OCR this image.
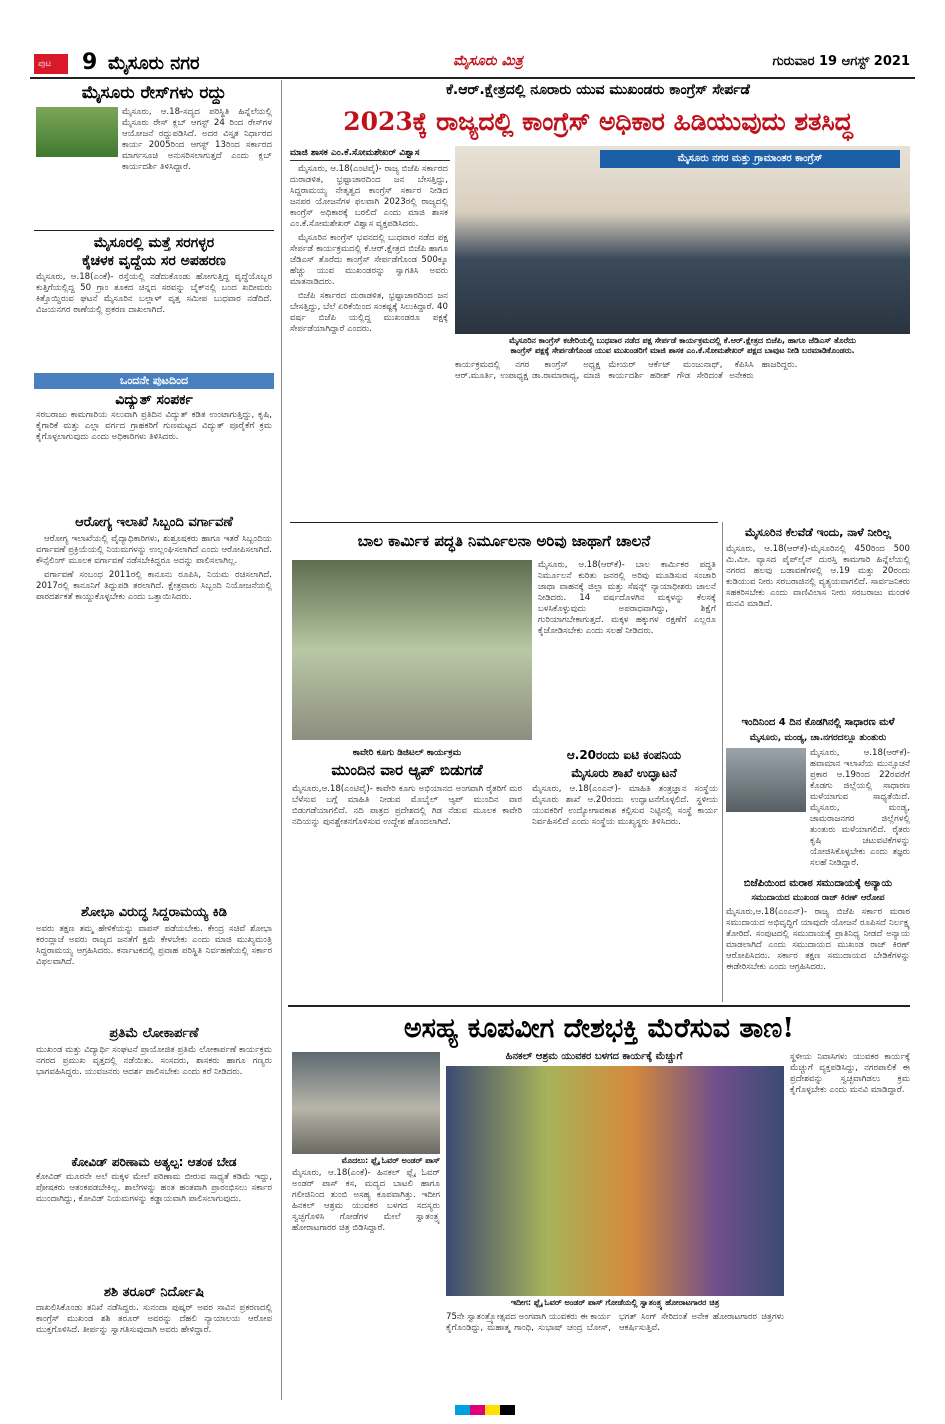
ಪುಟ	9 ಮೈಸೂರು ನಗರ	ಮೈಸೂರು ಮಿತ್ರ	ಗುರುವಾರ 19 ಆಗಸ್ಟ್ 2021
ಮೈಸೂರು ರೇಸ್‌ಗಳು ರದ್ದು
ಮೈಸೂರು, ಆ.18-ಸದ್ಯದ ಪರಿಸ್ಥಿತಿ ಹಿನ್ನೆಲೆಯಲ್ಲಿ ಮೈಸೂರು ರೇಸ್ ಕ್ಲಬ್ ಆಗಸ್ಟ್ 24 ರಿಂದ ರೇಸ್‌ಗಳ ಆಯೋಜನೆ ರದ್ದುಪಡಿಸಿದೆ. ಅದರ ವಿಸ್ತೃತ ನಿರ್ಧಾರದ ಕಾರ್ಯ 2005ರಿಂದ ಆಗಸ್ಟ್ 13ರಿಂದ ಸರ್ಕಾರದ ಮಾರ್ಗಸೂಚಿ ಅನುಸರಿಸಲಾಗುತ್ತದೆ ಎಂದು ಕ್ಲಬ್ ಕಾರ್ಯದರ್ಶಿ ತಿಳಿಸಿದ್ದಾರೆ.
ಮೈಸೂರಲ್ಲಿ ಮತ್ತೆ ಸರಗಳ್ಳರ
ಕೈಚಳಕ ವೃದ್ಧೆಯ ಸರ ಅಪಹರಣ
ಮೈಸೂರು, ಆ.18(ಎಂಕೆ)- ರಸ್ತೆಯಲ್ಲಿ ನಡೆದುಕೊಂಡು ಹೋಗುತ್ತಿದ್ದ ವೃದ್ಧೆಯೊಬ್ಬರ ಕುತ್ತಿಗೆಯಲ್ಲಿದ್ದ 50 ಗ್ರಾಂ ತೂಕದ ಚಿನ್ನದ ಸರವನ್ನು ಬೈಕ್‌ನಲ್ಲಿ ಬಂದ ಖದೀಮರು ಕಿತ್ತೊಯ್ದಿರುವ ಘಟನೆ ಮೈಸೂರಿನ ಬಲ್ಲಾಳ್ ವೃತ್ತ ಸಮೀಪ ಬುಧವಾರ ನಡೆದಿದೆ. ವಿಜಯನಗರ ಠಾಣೆಯಲ್ಲಿ ಪ್ರಕರಣ ದಾಖಲಾಗಿದೆ.
ಒಂದನೇ ಪುಟದಿಂದ
ವಿದ್ಯುತ್ ಸಂಪರ್ಕ
ಸರಬರಾಜು ಕಾಮಗಾರಿಯ ಸಲುವಾಗಿ ಪ್ರತಿದಿನ ವಿದ್ಯುತ್ ಕಡಿತ ಉಂಟಾಗುತ್ತಿದ್ದು, ಕೃಷಿ, ಕೈಗಾರಿಕೆ ಮತ್ತು ಎಲ್ಲಾ ವರ್ಗದ ಗ್ರಾಹಕರಿಗೆ ಗುಣಮಟ್ಟದ ವಿದ್ಯುತ್ ಪೂರೈಕೆಗೆ ಕ್ರಮ ಕೈಗೊಳ್ಳಲಾಗುವುದು ಎಂದು ಅಧಿಕಾರಿಗಳು ತಿಳಿಸಿದರು.
ಆರೋಗ್ಯ ಇಲಾಖೆ ಸಿಬ್ಬಂದಿ ವರ್ಗಾವಣೆ

ಆರೋಗ್ಯ ಇಲಾಖೆಯಲ್ಲಿ ವೈದ್ಯಾಧಿಕಾರಿಗಳು, ಶುಶ್ರೂಷಕರು ಹಾಗೂ ಇತರೆ ಸಿಬ್ಬಂದಿಯ ವರ್ಗಾವಣೆ ಪ್ರಕ್ರಿಯೆಯಲ್ಲಿ ನಿಯಮಗಳನ್ನು ಉಲ್ಲಂಘಿಸಲಾಗಿದೆ ಎಂದು ಆರೋಪಿಸಲಾಗಿದೆ. ಕೌನ್ಸೆಲಿಂಗ್ ಮೂಲಕ ವರ್ಗಾವಣೆ ನಡೆಸಬೇಕಿದ್ದರೂ ಅದನ್ನು ಪಾಲಿಸಲಾಗಿಲ್ಲ.

ವರ್ಗಾವಣೆ ಸಂಬಂಧ 2011ರಲ್ಲಿ ಕಾನೂನು ರೂಪಿಸಿ, ನಿಯಮ ರಚಿಸಲಾಗಿದೆ. 2017ರಲ್ಲಿ ಕಾನೂನಿಗೆ ತಿದ್ದುಪಡಿ ತರಲಾಗಿದೆ. ಕ್ಷೇತ್ರವಾರು ಸಿಬ್ಬಂದಿ ನಿಯೋಜನೆಯಲ್ಲಿ ಪಾರದರ್ಶಕತೆ ಕಾಯ್ದುಕೊಳ್ಳಬೇಕು ಎಂದು ಒತ್ತಾಯಿಸಿದರು.

ಶೋಭಾ ವಿರುದ್ಧ ಸಿದ್ದರಾಮಯ್ಯ ಕಿಡಿ
ಅವರು ತಕ್ಷಣ ತಮ್ಮ ಹೇಳಿಕೆಯನ್ನು ವಾಪಸ್ ಪಡೆಯಬೇಕು. ಕೇಂದ್ರ ಸಚಿವೆ ಶೋಭಾ ಕರಂದ್ಲಾಜೆ ಅವರು ರಾಜ್ಯದ ಜನತೆಗೆ ಕ್ಷಮೆ ಕೇಳಬೇಕು ಎಂದು ಮಾಜಿ ಮುಖ್ಯಮಂತ್ರಿ ಸಿದ್ದರಾಮಯ್ಯ ಆಗ್ರಹಿಸಿದರು. ಕರ್ನಾಟಕದಲ್ಲಿ ಪ್ರವಾಹ ಪರಿಸ್ಥಿತಿ ನಿರ್ವಹಣೆಯಲ್ಲಿ ಸರ್ಕಾರ ವಿಫಲವಾಗಿದೆ.
ಪ್ರತಿಮೆ ಲೋಕಾರ್ಪಣೆ
ಮುಖಂಡ ಮತ್ತು ವಿದ್ಯಾರ್ಥಿ ಸಂಘಟನೆ ಪ್ರಾಯೋಜಿತ ಪ್ರತಿಮೆ ಲೋಕಾರ್ಪಣೆ ಕಾರ್ಯಕ್ರಮ ನಗರದ ಪ್ರಮುಖ ವೃತ್ತದಲ್ಲಿ ನಡೆಯಿತು. ಸಂಸದರು, ಶಾಸಕರು ಹಾಗೂ ಗಣ್ಯರು ಭಾಗವಹಿಸಿದ್ದರು. ಯುವಜನರು ಆದರ್ಶ ಪಾಲಿಸಬೇಕು ಎಂದು ಕರೆ ನೀಡಿದರು.
ಕೋವಿಡ್ ಪರಿಣಾಮ ಅತ್ಯಲ್ಪ: ಆತಂಕ ಬೇಡ
ಕೋವಿಡ್ ಮೂರನೇ ಅಲೆ ಮಕ್ಕಳ ಮೇಲೆ ಪರಿಣಾಮ ಬೀರುವ ಸಾಧ್ಯತೆ ಕಡಿಮೆ ಇದ್ದು, ಪೋಷಕರು ಆತಂಕಪಡಬೇಕಿಲ್ಲ. ಶಾಲೆಗಳನ್ನು ಹಂತ ಹಂತವಾಗಿ ಪ್ರಾರಂಭಿಸಲು ಸರ್ಕಾರ ಮುಂದಾಗಿದ್ದು, ಕೋವಿಡ್ ನಿಯಮಗಳನ್ನು ಕಡ್ಡಾಯವಾಗಿ ಪಾಲಿಸಲಾಗುವುದು.
ಶಶಿ ತರೂರ್ ನಿರ್ದೋಷಿ
ದಾಖಲಿಸಿಕೊಂಡು ತನಿಖೆ ನಡೆಸಿದ್ದರು. ಸುನಂದಾ ಪುಷ್ಕರ್ ಅವರ ಸಾವಿನ ಪ್ರಕರಣದಲ್ಲಿ ಕಾಂಗ್ರೆಸ್ ಮುಖಂಡ ಶಶಿ ತರೂರ್ ಅವರನ್ನು ದೆಹಲಿ ನ್ಯಾಯಾಲಯ ಆರೋಪ ಮುಕ್ತಗೊಳಿಸಿದೆ. ತೀರ್ಪನ್ನು ಸ್ವಾಗತಿಸುವುದಾಗಿ ಅವರು ಹೇಳಿದ್ದಾರೆ.
ಕೆ.ಆರ್.ಕ್ಷೇತ್ರದಲ್ಲಿ ನೂರಾರು ಯುವ ಮುಖಂಡರು ಕಾಂಗ್ರೆಸ್ ಸೇರ್ಪಡೆ
2023ಕ್ಕೆ ರಾಜ್ಯದಲ್ಲಿ ಕಾಂಗ್ರೆಸ್ ಅಧಿಕಾರ ಹಿಡಿಯುವುದು ಶತಸಿದ್ಧ
ಮಾಜಿ ಶಾಸಕ ಎಂ.ಕೆ.ಸೋಮಶೇಖರ್ ವಿಶ್ವಾಸ

ಮೈಸೂರು, ಆ.18(ಎಂಟಿವೈ)- ರಾಜ್ಯ ಬಿಜೆಪಿ ಸರ್ಕಾರದ ದುರಾಡಳಿತ, ಭ್ರಷ್ಟಾಚಾರದಿಂದ ಜನ ಬೇಸತ್ತಿದ್ದು, ಸಿದ್ದರಾಮಯ್ಯ ನೇತೃತ್ವದ ಕಾಂಗ್ರೆಸ್ ಸರ್ಕಾರ ನೀಡಿದ ಜನಪರ ಯೋಜನೆಗಳ ಫಲವಾಗಿ 2023ರಲ್ಲಿ ರಾಜ್ಯದಲ್ಲಿ ಕಾಂಗ್ರೆಸ್ ಅಧಿಕಾರಕ್ಕೆ ಬರಲಿದೆ ಎಂದು ಮಾಜಿ ಶಾಸಕ ಎಂ.ಕೆ.ಸೋಮಶೇಖರ್ ವಿಶ್ವಾಸ ವ್ಯಕ್ತಪಡಿಸಿದರು.

ಮೈಸೂರಿನ ಕಾಂಗ್ರೆಸ್ ಭವನದಲ್ಲಿ ಬುಧವಾರ ನಡೆದ ಪಕ್ಷ ಸೇರ್ಪಡೆ ಕಾರ್ಯಕ್ರಮದಲ್ಲಿ ಕೆ.ಆರ್.ಕ್ಷೇತ್ರದ ಬಿಜೆಪಿ ಹಾಗೂ ಜೆಡಿಎಸ್ ತೊರೆದು ಕಾಂಗ್ರೆಸ್ ಸೇರ್ಪಡೆಗೊಂಡ 500ಕ್ಕೂ ಹೆಚ್ಚು ಯುವ ಮುಖಂಡರನ್ನು ಸ್ವಾಗತಿಸಿ ಅವರು ಮಾತನಾಡಿದರು.

ಬಿಜೆಪಿ ಸರ್ಕಾರದ ದುರಾಡಳಿತ, ಭ್ರಷ್ಟಾಚಾರದಿಂದ ಜನ ಬೇಸತ್ತಿದ್ದು, ಬೆಲೆ ಏರಿಕೆಯಿಂದ ಸಂಕಷ್ಟಕ್ಕೆ ಸಿಲುಕಿದ್ದಾರೆ. 40 ವರ್ಷ ಬಿಜೆಪಿ ಯಲ್ಲಿದ್ದ ಮುಖಂಡರೂ ಪಕ್ಷಕ್ಕೆ ಸೇರ್ಪಡೆಯಾಗಿದ್ದಾರೆ ಎಂದರು.

ಮೈಸೂರು ನಗರ ಮತ್ತು ಗ್ರಾಮಾಂತರ ಕಾಂಗ್ರೆಸ್
ಮೈಸೂರಿನ ಕಾಂಗ್ರೆಸ್ ಕಚೇರಿಯಲ್ಲಿ ಬುಧವಾರ ನಡೆದ ಪಕ್ಷ ಸೇರ್ಪಡೆ ಕಾರ್ಯಕ್ರಮದಲ್ಲಿ ಕೆ.ಆರ್.ಕ್ಷೇತ್ರದ ಬಿಜೆಪಿ, ಹಾಗೂ ಜೆಡಿಎಸ್ ತೊರೆದು
ಕಾಂಗ್ರೆಸ್ ಪಕ್ಷಕ್ಕೆ ಸೇರ್ಪಡೆಗೊಂಡ ಯುವ ಮುಖಂಡರಿಗೆ ಮಾಜಿ ಶಾಸಕ ಎಂ.ಕೆ.ಸೋಮಶೇಖರ್ ಪಕ್ಷದ ಬಾವುಟ ನೀಡಿ ಬರಮಾಡಿಕೊಂಡರು.
ಕಾರ್ಯಕ್ರಮದಲ್ಲಿ ನಗರ ಕಾಂಗ್ರೆಸ್ ಅಧ್ಯಕ್ಷ ಆರ್.ಮೂರ್ತಿ, ಉಪಾಧ್ಯಕ್ಷ ಡಾ.ರಾಮಾರಾಧ್ಯ, ಮಾಜಿ ಮೇಯರ್ ಆರ್ಕೆಟ್ ಮಂಜುನಾಥ್, ಕೆಪಿಸಿಸಿ ಕಾರ್ಯದರ್ಶಿ ಹರೀಶ್ ಗೌಡ ಸೇರಿದಂತೆ ಅನೇಕರು ಹಾಜರಿದ್ದರು.
ಬಾಲ ಕಾರ್ಮಿಕ ಪದ್ಧತಿ ನಿರ್ಮೂಲನಾ ಅರಿವು ಜಾಥಾಗೆ ಚಾಲನೆ
ಮೈಸೂರು, ಆ.18(ಆರ್‌ಕೆ)- ಬಾಲ ಕಾರ್ಮಿಕರ ಪದ್ಧತಿ ನಿರ್ಮೂಲನೆ ಕುರಿತು ಜನರಲ್ಲಿ ಅರಿವು ಮೂಡಿಸುವ ಸಂಚಾರಿ ಜಾಥಾ ವಾಹನಕ್ಕೆ ಜಿಲ್ಲಾ ಮತ್ತು ಸೆಷನ್ಸ್ ನ್ಯಾಯಾಧೀಶರು ಚಾಲನೆ ನೀಡಿದರು. 14 ವರ್ಷದೊಳಗಿನ ಮಕ್ಕಳನ್ನು ಕೆಲಸಕ್ಕೆ ಬಳಸಿಕೊಳ್ಳುವುದು ಅಪರಾಧವಾಗಿದ್ದು, ಶಿಕ್ಷೆಗೆ ಗುರಿಯಾಗಬೇಕಾಗುತ್ತದೆ. ಮಕ್ಕಳ ಹಕ್ಕುಗಳ ರಕ್ಷಣೆಗೆ ಎಲ್ಲರೂ ಕೈಜೋಡಿಸಬೇಕು ಎಂದು ಸಲಹೆ ನೀಡಿದರು.
ಕಾವೇರಿ ಕೂಗು ಡಿಜಿಟಲ್ ಕಾರ್ಯಕ್ರಮ
ಮುಂದಿನ ವಾರ ಆ್ಯಪ್ ಬಿಡುಗಡೆ
ಮೈಸೂರು,ಆ.18(ಎಂಟಿವೈ)- ಕಾವೇರಿ ಕೂಗು ಅಭಿಯಾನದ ಅಂಗವಾಗಿ ರೈತರಿಗೆ ಮರ ಬೆಳೆಸುವ ಬಗ್ಗೆ ಮಾಹಿತಿ ನೀಡುವ ಮೊಬೈಲ್ ಆ್ಯಪ್ ಮುಂದಿನ ವಾರ ಬಿಡುಗಡೆಯಾಗಲಿದೆ. ನದಿ ಪಾತ್ರದ ಪ್ರದೇಶದಲ್ಲಿ ಗಿಡ ನೆಡುವ ಮೂಲಕ ಕಾವೇರಿ ನದಿಯನ್ನು ಪುನಶ್ಚೇತನಗೊಳಿಸುವ ಉದ್ದೇಶ ಹೊಂದಲಾಗಿದೆ.
ಆ.20ರಂದು ಐಟಿ ಕಂಪನಿಯ
ಮೈಸೂರು ಶಾಖೆ ಉದ್ಘಾಟನೆ
ಮೈಸೂರು, ಆ.18(ಎಂಎನ್)- ಮಾಹಿತಿ ತಂತ್ರಜ್ಞಾನ ಸಂಸ್ಥೆಯ ಮೈಸೂರು ಶಾಖೆ ಆ.20ರಂದು ಉದ್ಘಾಟನೆಗೊಳ್ಳಲಿದೆ. ಸ್ಥಳೀಯ ಯುವಕರಿಗೆ ಉದ್ಯೋಗಾವಕಾಶ ಕಲ್ಪಿಸುವ ನಿಟ್ಟಿನಲ್ಲಿ ಸಂಸ್ಥೆ ಕಾರ್ಯ ನಿರ್ವಹಿಸಲಿದೆ ಎಂದು ಸಂಸ್ಥೆಯ ಮುಖ್ಯಸ್ಥರು ತಿಳಿಸಿದರು.
ಮೈಸೂರಿನ ಕೆಲವೆಡೆ ಇಂದು, ನಾಳೆ ನೀರಿಲ್ಲ
ಮೈಸೂರು, ಆ.18(ಆರ್‌ಕೆ)-ಮೈಸೂರಿನಲ್ಲಿ 450ರಿಂದ 500 ಮಿ.ಮೀ. ವ್ಯಾಸದ ಪೈಪ್‌ಲೈನ್ ದುರಸ್ತಿ ಕಾಮಗಾರಿ ಹಿನ್ನೆಲೆಯಲ್ಲಿ ನಗರದ ಹಲವು ಬಡಾವಣೆಗಳಲ್ಲಿ ಆ.19 ಮತ್ತು 20ರಂದು ಕುಡಿಯುವ ನೀರು ಸರಬರಾಜಿನಲ್ಲಿ ವ್ಯತ್ಯಯವಾಗಲಿದೆ. ಸಾರ್ವಜನಿಕರು ಸಹಕರಿಸಬೇಕು ಎಂದು ವಾಣಿವಿಲಾಸ ನೀರು ಸರಬರಾಜು ಮಂಡಳಿ ಮನವಿ ಮಾಡಿದೆ.
ಇಂದಿನಿಂದ 4 ದಿನ ಕೊಡಗಿನಲ್ಲಿ ಸಾಧಾರಣ ಮಳೆ
ಮೈಸೂರು, ಮಂಡ್ಯ, ಚಾ.ನಗರದಲ್ಲೂ ತುಂತುರು
ಮೈಸೂರು, ಆ.18(ಆರ್‌ಕೆ)- ಹವಾಮಾನ ಇಲಾಖೆಯ ಮುನ್ಸೂಚನೆ ಪ್ರಕಾರ ಆ.19ರಿಂದ 22ರವರೆಗೆ ಕೊಡಗು ಜಿಲ್ಲೆಯಲ್ಲಿ ಸಾಧಾರಣ ಮಳೆಯಾಗುವ ಸಾಧ್ಯತೆಯಿದೆ. ಮೈಸೂರು, ಮಂಡ್ಯ, ಚಾಮರಾಜನಗರ ಜಿಲ್ಲೆಗಳಲ್ಲಿ ತುಂತುರು ಮಳೆಯಾಗಲಿದೆ. ರೈತರು ಕೃಷಿ ಚಟುವಟಿಕೆಗಳನ್ನು ಯೋಜಿಸಿಕೊಳ್ಳಬೇಕು ಎಂದು ತಜ್ಞರು ಸಲಹೆ ನೀಡಿದ್ದಾರೆ.
ಬಿಜೆಪಿಯಿಂದ ಮರಾಠ ಸಮುದಾಯಕ್ಕೆ ಅನ್ಯಾಯ
ಸಮುದಾಯದ ಮುಖಂಡ ರಾಜ್ ಕಿರಣ್ ಆರೋಪ
ಮೈಸೂರು,ಆ.18(ಎಂಎನ್)- ರಾಜ್ಯ ಬಿಜೆಪಿ ಸರ್ಕಾರ ಮರಾಠ ಸಮುದಾಯದ ಅಭಿವೃದ್ಧಿಗೆ ಯಾವುದೇ ಯೋಜನೆ ರೂಪಿಸದೆ ನಿರ್ಲಕ್ಷ್ಯ ತೋರಿದೆ. ಸಂಪುಟದಲ್ಲಿ ಸಮುದಾಯಕ್ಕೆ ಪ್ರಾತಿನಿಧ್ಯ ನೀಡದೆ ಅನ್ಯಾಯ ಮಾಡಲಾಗಿದೆ ಎಂದು ಸಮುದಾಯದ ಮುಖಂಡ ರಾಜ್ ಕಿರಣ್ ಆರೋಪಿಸಿದರು. ಸರ್ಕಾರ ತಕ್ಷಣ ಸಮುದಾಯದ ಬೇಡಿಕೆಗಳನ್ನು ಈಡೇರಿಸಬೇಕು ಎಂದು ಆಗ್ರಹಿಸಿದರು.
ಅಸಹ್ಯ ಕೂಪವೀಗ ದೇಶಭಕ್ತಿ ಮೆರೆಸುವ ತಾಣ!
ಹಿನಕಲ್ ಆಶ್ರಮ ಯುವಕರ ಬಳಗದ ಕಾರ್ಯಕ್ಕೆ ಮೆಚ್ಚುಗೆ
ಮೊದಲು: ಫ್ಲೈ ಓವರ್ ಅಂಡರ್ ಪಾಸ್
ಇದೀಗ: ಫ್ಲೈ ಓವರ್ ಅಂಡರ್ ಪಾಸ್ ಗೋಡೆಯಲ್ಲಿ ಸ್ವಾತಂತ್ರ್ಯ ಹೋರಾಟಗಾರರ ಚಿತ್ರ
ಮೈಸೂರು, ಆ.18(ಎಂಕೆ)- ಹಿನಕಲ್ ಫ್ಲೈ ಓವರ್ ಅಂಡರ್ ಪಾಸ್ ಕಸ, ಮದ್ಯದ ಬಾಟಲಿ ಹಾಗೂ ಗಲೀಜಿನಿಂದ ತುಂಬಿ ಅಸಹ್ಯ ಕೂಪವಾಗಿತ್ತು. ಇದೀಗ ಹಿನಕಲ್ ಆಶ್ರಮ ಯುವಕರ ಬಳಗದ ಸದಸ್ಯರು ಸ್ವಚ್ಛಗೊಳಿಸಿ ಗೋಡೆಗಳ ಮೇಲೆ ಸ್ವಾತಂತ್ರ್ಯ ಹೋರಾಟಗಾರರ ಚಿತ್ರ ಬಿಡಿಸಿದ್ದಾರೆ.
75ನೇ ಸ್ವಾತಂತ್ರ್ಯೋತ್ಸವದ ಅಂಗವಾಗಿ ಯುವಕರು ಈ ಕಾರ್ಯ ಕೈಗೊಂಡಿದ್ದು, ಮಹಾತ್ಮ ಗಾಂಧಿ, ಸುಭಾಷ್ ಚಂದ್ರ ಬೋಸ್, ಭಗತ್ ಸಿಂಗ್ ಸೇರಿದಂತೆ ಅನೇಕ ಹೋರಾಟಗಾರರ ಚಿತ್ರಗಳು ಆಕರ್ಷಿಸುತ್ತಿವೆ.
ಸ್ಥಳೀಯ ನಿವಾಸಿಗಳು ಯುವಕರ ಕಾರ್ಯಕ್ಕೆ ಮೆಚ್ಚುಗೆ ವ್ಯಕ್ತಪಡಿಸಿದ್ದು, ನಗರಪಾಲಿಕೆ ಈ ಪ್ರದೇಶವನ್ನು ಸ್ವಚ್ಛವಾಗಿಡಲು ಕ್ರಮ ಕೈಗೊಳ್ಳಬೇಕು ಎಂದು ಮನವಿ ಮಾಡಿದ್ದಾರೆ.
